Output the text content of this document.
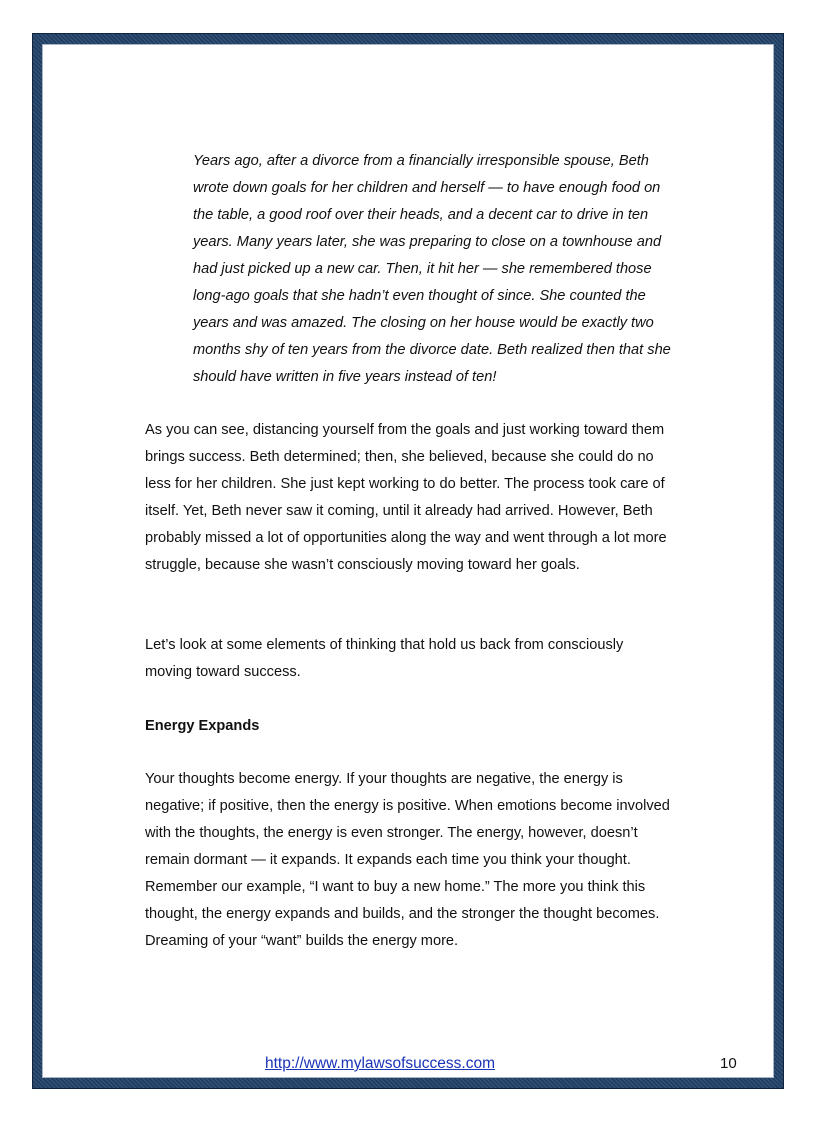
Years ago, after a divorce from a financially irresponsible spouse, Beth wrote down goals for her children and herself — to have enough food on the table, a good roof over their heads, and a decent car to drive in ten years. Many years later, she was preparing to close on a townhouse and had just picked up a new car. Then, it hit her — she remembered those long-ago goals that she hadn’t even thought of since. She counted the years and was amazed. The closing on her house would be exactly two months shy of ten years from the divorce date. Beth realized then that she should have written in five years instead of ten!

As you can see, distancing yourself from the goals and just working toward them brings success. Beth determined; then, she believed, because she could do no less for her children. She just kept working to do better. The process took care of itself. Yet, Beth never saw it coming, until it already had arrived. However, Beth probably missed a lot of opportunities along the way and went through a lot more struggle, because she wasn’t consciously moving toward her goals.

Let’s look at some elements of thinking that hold us back from consciously moving toward success.

Energy Expands

Your thoughts become energy. If your thoughts are negative, the energy is negative; if positive, then the energy is positive. When emotions become involved with the thoughts, the energy is even stronger. The energy, however, doesn’t remain dormant — it expands. It expands each time you think your thought. Remember our example, “I want to buy a new home.” The more you think this thought, the energy expands and builds, and the stronger the thought becomes. Dreaming of your “want” builds the energy more.

http://www.mylawsofsuccess.com	10
